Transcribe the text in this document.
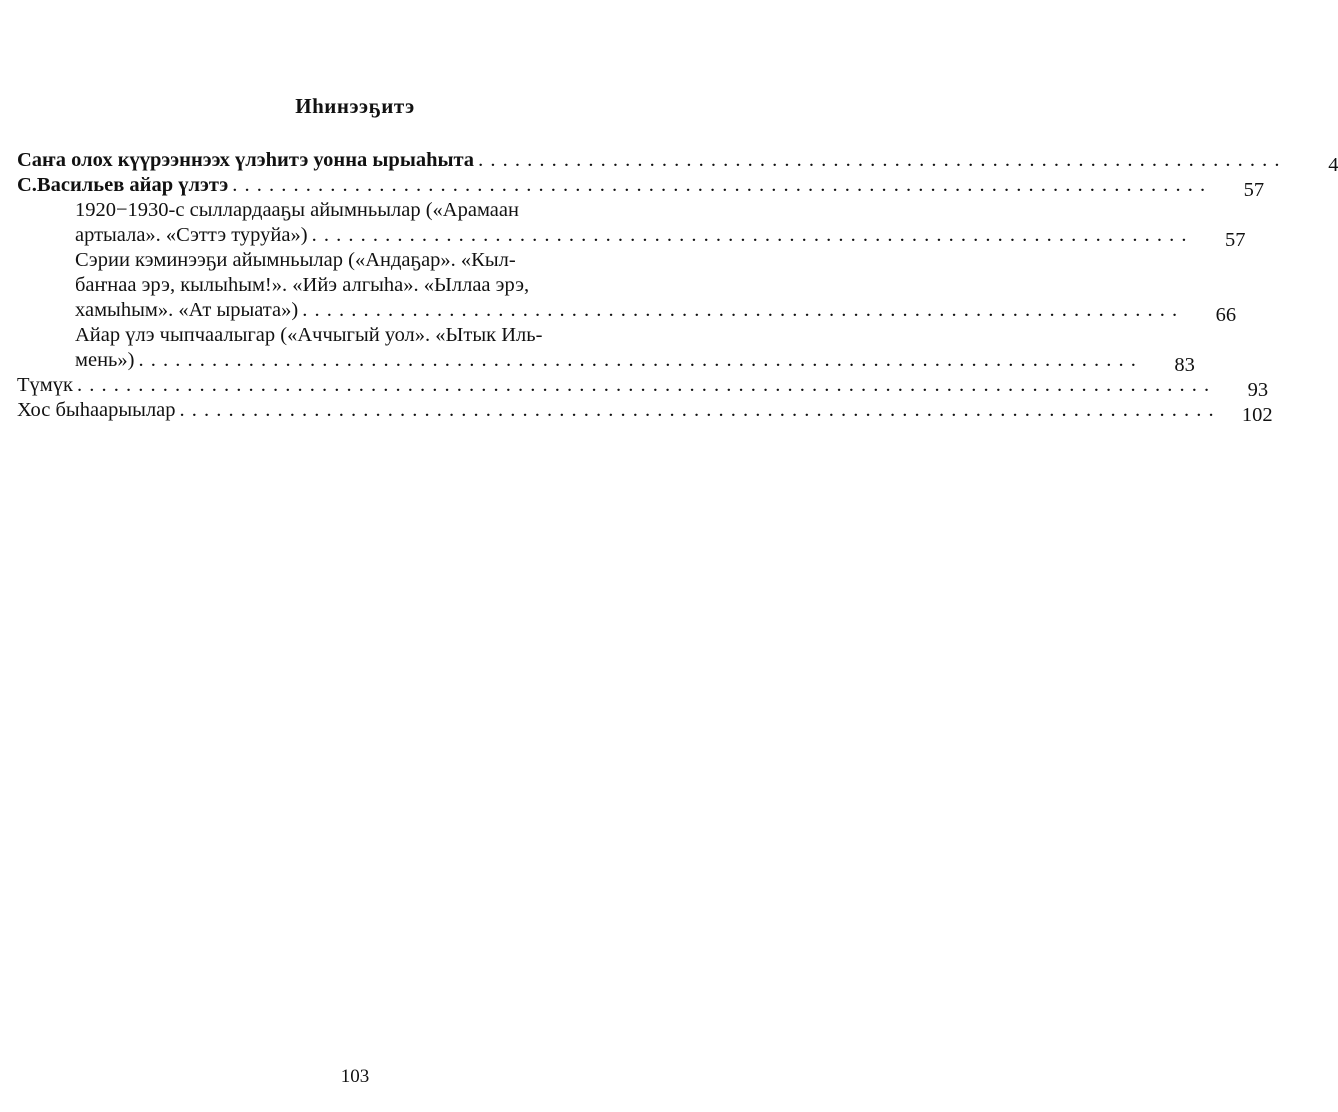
Иһинээҕитэ
Саҥа олох күүрээннээх үлэһитэ уонна ырыаһыта . . . . . . . . . . . . . . . . . . . . . . . . . . . . . . . . . . . . . . . . . . . . . . . . . . . . . . . . . . . . . . . . . .	4
С.Васильев айар үлэтэ . . . . . . . . . . . . . . . . . . . . . . . . . . . . . . . . . . . . . . . . . . . . . . . . . . . . . . . . . . . . . . . . . . . . . . . . . . . . . . . .	57
1920−1930-с сыллардааҕы айымньылар («Арамаан
артыала». «Сэттэ туруйа») . . . . . . . . . . . . . . . . . . . . . . . . . . . . . . . . . . . . . . . . . . . . . . . . . . . . . . . . . . . . . . . . . . . . . . . .	57
Сэрии кэминээҕи айымньылар («Андаҕар». «Кыл-
баҥнаа эрэ, кылыһым!». «Ийэ алгыһа». «Ыллаа эрэ,
хамыһым». «Ат ырыата») . . . . . . . . . . . . . . . . . . . . . . . . . . . . . . . . . . . . . . . . . . . . . . . . . . . . . . . . . . . . . . . . . . . . . . . .	66
Айар үлэ чыпчаалыгар («Аччыгый уол». «Ытык Иль-
мень») . . . . . . . . . . . . . . . . . . . . . . . . . . . . . . . . . . . . . . . . . . . . . . . . . . . . . . . . . . . . . . . . . . . . . . . . . . . . . . . . . .	83
Түмүк . . . . . . . . . . . . . . . . . . . . . . . . . . . . . . . . . . . . . . . . . . . . . . . . . . . . . . . . . . . . . . . . . . . . . . . . . . . . . . . . . . . . . . . . . . . . .	93
Хос быһаарыылар . . . . . . . . . . . . . . . . . . . . . . . . . . . . . . . . . . . . . . . . . . . . . . . . . . . . . . . . . . . . . . . . . . . . . . . . . . . . . . . . . . . . .	102
103
